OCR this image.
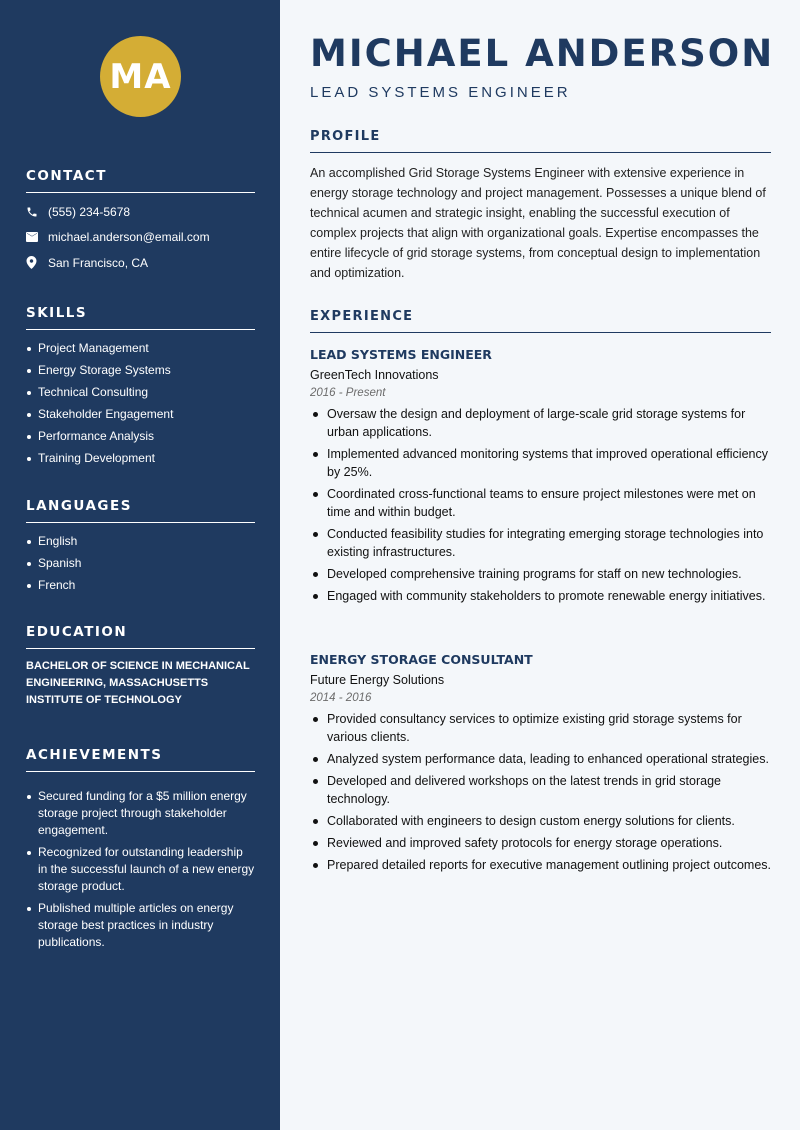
MA
CONTACT
(555) 234-5678
michael.anderson@email.com
San Francisco, CA
SKILLS
Project Management
Energy Storage Systems
Technical Consulting
Stakeholder Engagement
Performance Analysis
Training Development
LANGUAGES
English
Spanish
French
EDUCATION

BACHELOR OF SCIENCE IN MECHANICAL ENGINEERING, MASSACHUSETTS INSTITUTE OF TECHNOLOGY

ACHIEVEMENTS
Secured funding for a $5 million energy storage project through stakeholder engagement.
Recognized for outstanding leadership in the successful launch of a new energy storage product.
Published multiple articles on energy storage best practices in industry publications.
MICHAEL ANDERSON
LEAD SYSTEMS ENGINEER
PROFILE

An accomplished Grid Storage Systems Engineer with extensive experience in energy storage technology and project management. Possesses a unique blend of technical acumen and strategic insight, enabling the successful execution of complex projects that align with organizational goals. Expertise encompasses the entire lifecycle of grid storage systems, from conceptual design to implementation and optimization.

EXPERIENCE
LEAD SYSTEMS ENGINEER
GreenTech Innovations
2016 - Present
Oversaw the design and deployment of large-scale grid storage systems for urban applications.
Implemented advanced monitoring systems that improved operational efficiency by 25%.
Coordinated cross-functional teams to ensure project milestones were met on time and within budget.
Conducted feasibility studies for integrating emerging storage technologies into existing infrastructures.
Developed comprehensive training programs for staff on new technologies.
Engaged with community stakeholders to promote renewable energy initiatives.
ENERGY STORAGE CONSULTANT
Future Energy Solutions
2014 - 2016
Provided consultancy services to optimize existing grid storage systems for various clients.
Analyzed system performance data, leading to enhanced operational strategies.
Developed and delivered workshops on the latest trends in grid storage technology.
Collaborated with engineers to design custom energy solutions for clients.
Reviewed and improved safety protocols for energy storage operations.
Prepared detailed reports for executive management outlining project outcomes.
